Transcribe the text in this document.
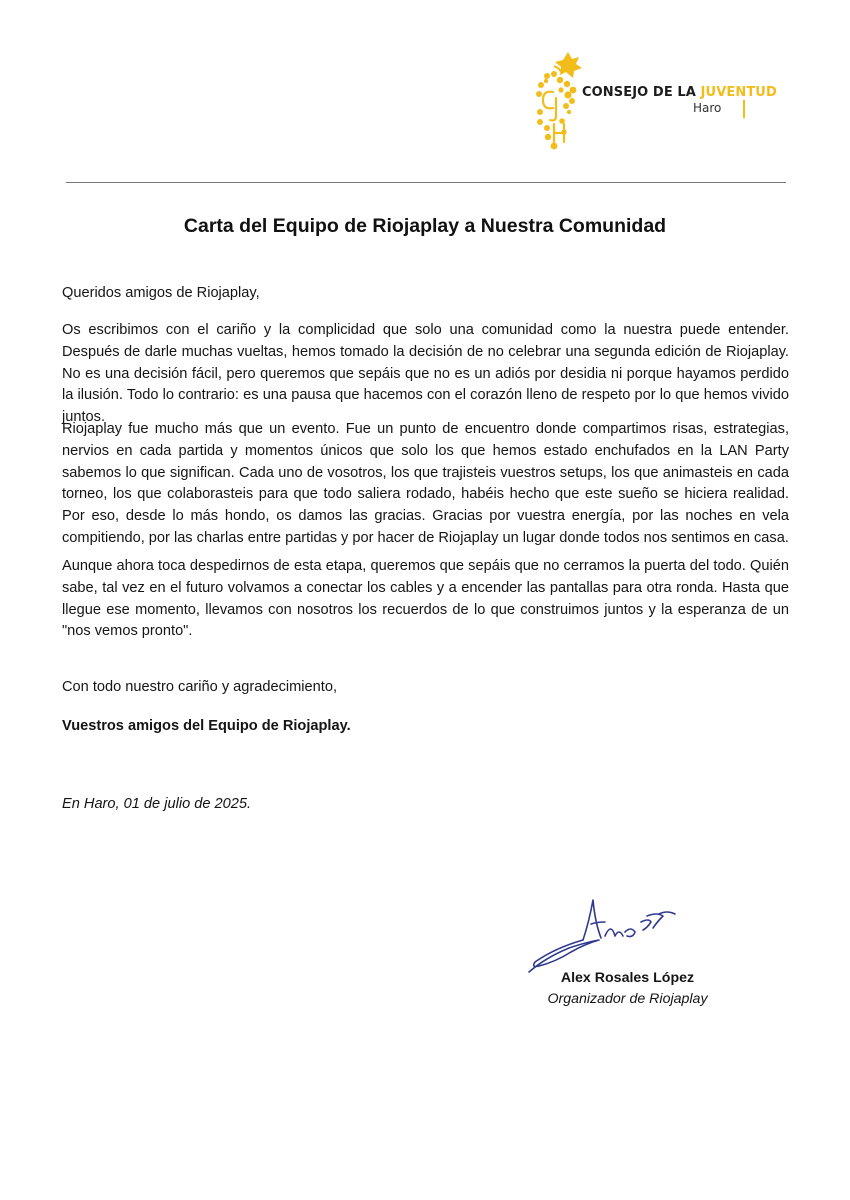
CONSEJO DE LA JUVENTUD
Haro
Carta del Equipo de Riojaplay a Nuestra Comunidad
Queridos amigos de Riojaplay,

Os escribimos con el cariño y la complicidad que solo una comunidad como la nuestra puede entender. Después de darle muchas vueltas, hemos tomado la decisión de no celebrar una segunda edición de Riojaplay. No es una decisión fácil, pero queremos que sepáis que no es un adiós por desidia ni porque hayamos perdido la ilusión. Todo lo contrario: es una pausa que hacemos con el corazón lleno de respeto por lo que hemos vivido juntos.

Riojaplay fue mucho más que un evento. Fue un punto de encuentro donde compartimos risas, estrategias, nervios en cada partida y momentos únicos que solo los que hemos estado enchufados en la LAN Party sabemos lo que significan. Cada uno de vosotros, los que trajisteis vuestros setups, los que animasteis en cada torneo, los que colaborasteis para que todo saliera rodado, habéis hecho que este sueño se hiciera realidad. Por eso, desde lo más hondo, os damos las gracias. Gracias por vuestra energía, por las noches en vela compitiendo, por las charlas entre partidas y por hacer de Riojaplay un lugar donde todos nos sentimos en casa.

Aunque ahora toca despedirnos de esta etapa, queremos que sepáis que no cerramos la puerta del todo. Quién sabe, tal vez en el futuro volvamos a conectar los cables y a encender las pantallas para otra ronda. Hasta que llegue ese momento, llevamos con nosotros los recuerdos de lo que construimos juntos y la esperanza de un "nos vemos pronto".

Con todo nuestro cariño y agradecimiento,
Vuestros amigos del Equipo de Riojaplay.
En Haro, 01 de julio de 2025.
Alex Rosales López
Organizador de Riojaplay
